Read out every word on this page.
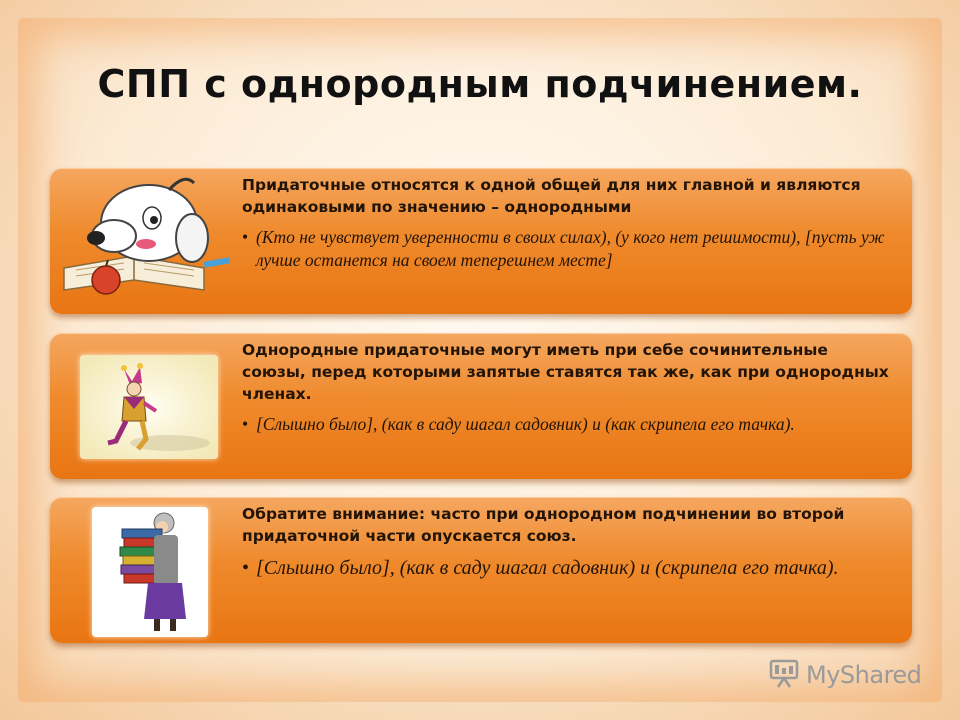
СПП с однородным подчинением.

Придаточные относятся к одной общей для них главной и являются одинаковыми по значению – однородными

• (Кто не чувствует уверенности в своих силах), (у кого нет решимости), [пусть уж лучше останется на своем теперешнем месте]

Однородные придаточные могут иметь при себе сочинительные союзы, перед которыми запятые ставятся так же, как при однородных членах.

• [Слышно было], (как в саду шагал садовник) и (как скрипела его тачка).

Обратите внимание: часто при однородном подчинении во второй придаточной части опускается союз.

• [Слышно было], (как в саду шагал садовник) и (скрипела его тачка).

MyShared
